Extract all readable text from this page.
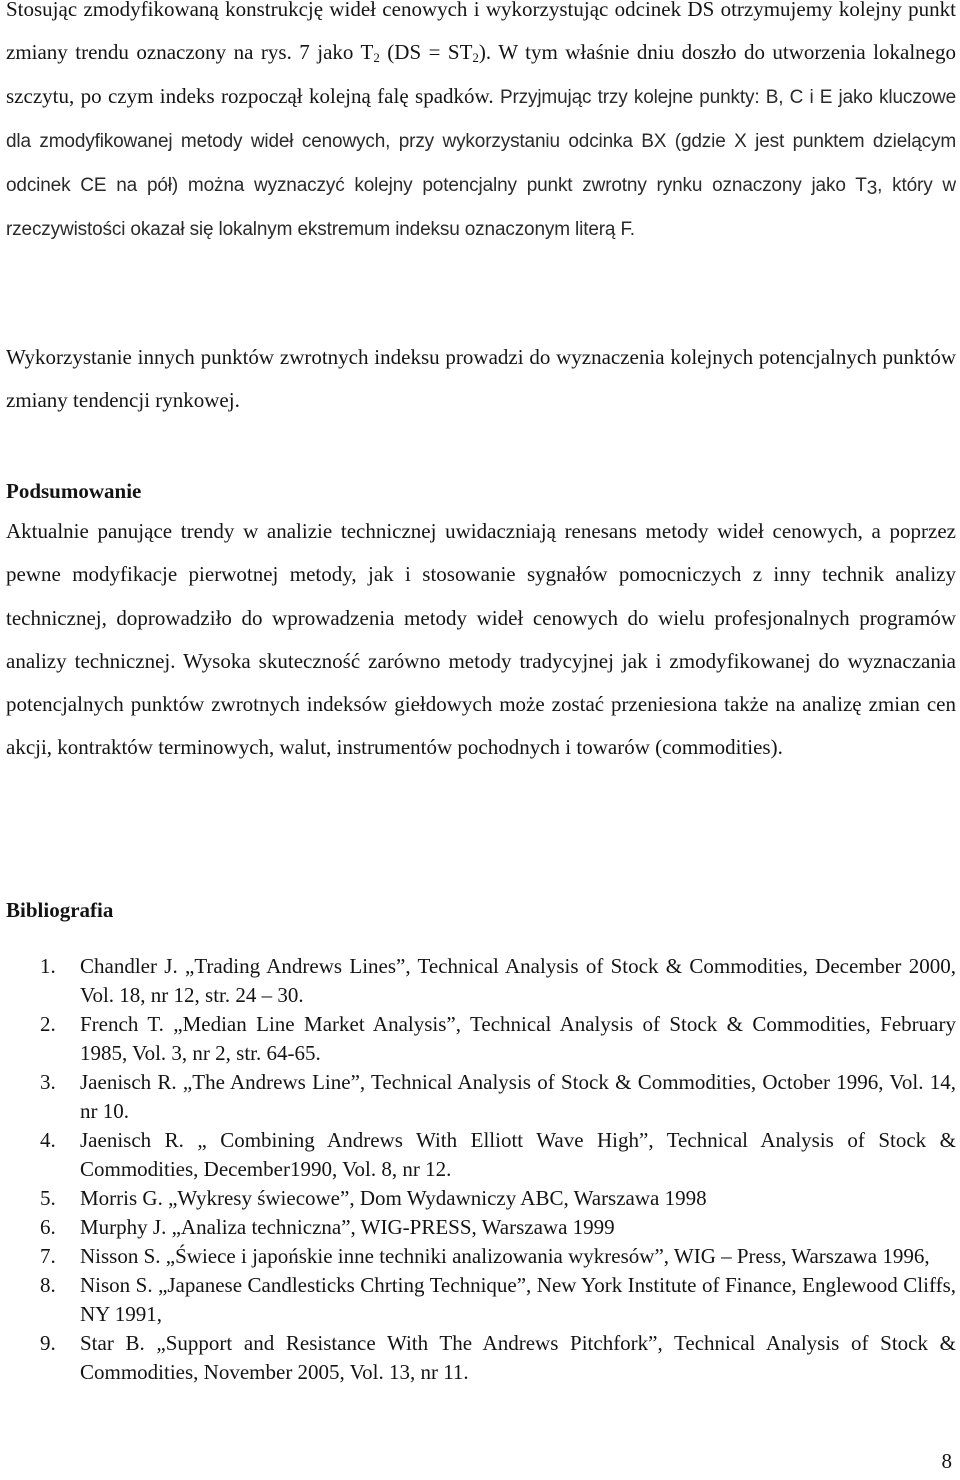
Stosując zmodyfikowaną konstrukcję wideł cenowych i wykorzystując odcinek DS otrzymujemy kolejny punkt zmiany trendu oznaczony na rys. 7 jako $T_2$ $(DS = ST_2)$. W tym właśnie dniu doszło do utworzenia lokalnego szczytu, po czym indeks rozpoczął kolejną falę spadków. Przyjmując trzy kolejne punkty: B, C i E jako kluczowe dla zmodyfikowanej metody wideł cenowych, przy wykorzystaniu odcinka BX (gdzie X jest punktem dzielącym odcinek CE na pół) można wyznaczyć kolejny potencjalny punkt zwrotny rynku oznaczony jako $T_3$, który w rzeczywistości okazał się lokalnym ekstremum indeksu oznaczonym literą F.

Wykorzystanie innych punktów zwrotnych indeksu prowadzi do wyznaczenia kolejnych potencjalnych punktów zmiany tendencji rynkowej.

Podsumowanie

Aktualnie panujące trendy w analizie technicznej uwidaczniają renesans metody wideł cenowych, a poprzez pewne modyfikacje pierwotnej metody, jak i stosowanie sygnałów pomocniczych z inny technik analizy technicznej, doprowadziło do wprowadzenia metody wideł cenowych do wielu profesjonalnych programów analizy technicznej. Wysoka skuteczność zarówno metody tradycyjnej jak i zmodyfikowanej do wyznaczania potencjalnych punktów zwrotnych indeksów giełdowych może zostać przeniesiona także na analizę zmian cen akcji, kontraktów terminowych, walut, instrumentów pochodnych i towarów (commodities).

Bibliografia
1.	Chandler J. „Trading Andrews Lines”, Technical Analysis of Stock & Commodities, December 2000, Vol. 18, nr 12, str. 24 – 30.
2.	French T. „Median Line Market Analysis”, Technical Analysis of Stock & Commodities, February 1985, Vol. 3, nr 2, str. 64-65.
3.	Jaenisch R. „The Andrews Line”, Technical Analysis of Stock & Commodities, October 1996, Vol. 14, nr 10.
4.	Jaenisch R. „ Combining Andrews With Elliott Wave High”, Technical Analysis of Stock & Commodities, December1990, Vol. 8, nr 12.
5.	Morris G. „Wykresy świecowe”, Dom Wydawniczy ABC, Warszawa 1998
6.	Murphy J. „Analiza techniczna”, WIG-PRESS, Warszawa 1999
7.	Nisson S. „Świece i japońskie inne techniki analizowania wykresów”, WIG – Press, Warszawa 1996,
8.	Nison S. „Japanese Candlesticks Chrting Technique”, New York Institute of Finance, Englewood Cliffs, NY 1991,
9.	Star B. „Support and Resistance With The Andrews Pitchfork”, Technical Analysis of Stock & Commodities, November 2005, Vol. 13, nr 11.
8
